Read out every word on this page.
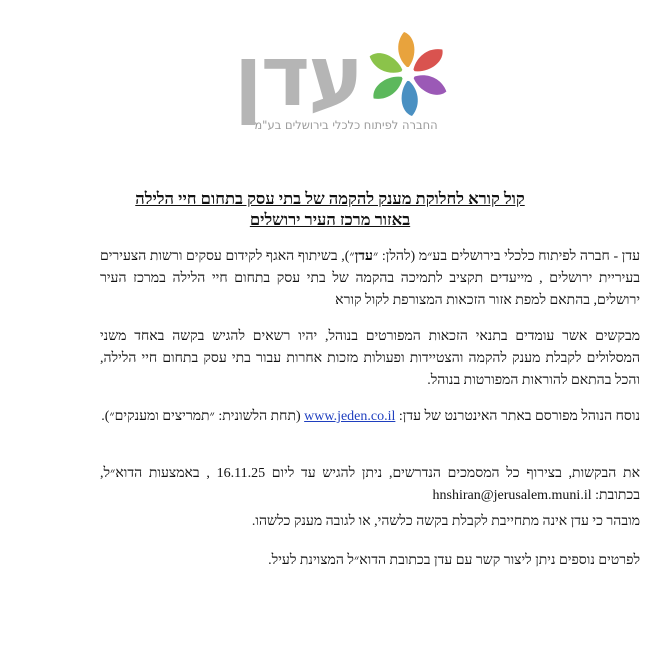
עדן
החברה לפיתוח כלכלי בירושלים בע"מ
קול קורא לחלוקת מענק להקמה של בתי עסק בתחום חיי הלילה
באזור מרכז העיר ירושלים
עדן - חברה לפיתוח כלכלי בירושלים בע״מ (להלן: ״עדן״), בשיתוף האגף לקידום עסקים ורשות הצעירים בעיריית ירושלים , מייעדים תקציב לתמיכה בהקמה של בתי עסק בתחום חיי הלילה במרכז העיר ירושלים, בהתאם למפת אזור הזכאות המצורפת לקול קורא
מבקשים אשר עומדים בתנאי הזכאות המפורטים בנוהל, יהיו רשאים להגיש בקשה באחד משני המסלולים לקבלת מענק להקמה והצטיידות ופעולות מזכות אחרות עבור בתי עסק בתחום חיי הלילה, והכל בהתאם להוראות המפורטות בנוהל.
נוסח הנוהל מפורסם באתר האינטרנט של עדן: www.jeden.co.il (תחת הלשונית: ״תמריצים ומענקים״).
את הבקשות, בצירוף כל המסמכים הנדרשים, ניתן להגיש עד ליום 16.11.25 , באמצעות הדוא״ל, בכתובת: hnshiran@jerusalem.muni.il
מובהר כי עדן אינה מתחייבת לקבלת בקשה כלשהי, או לגובה מענק כלשהו.
לפרטים נוספים ניתן ליצור קשר עם עדן בכתובת הדוא״ל המצוינת לעיל.
